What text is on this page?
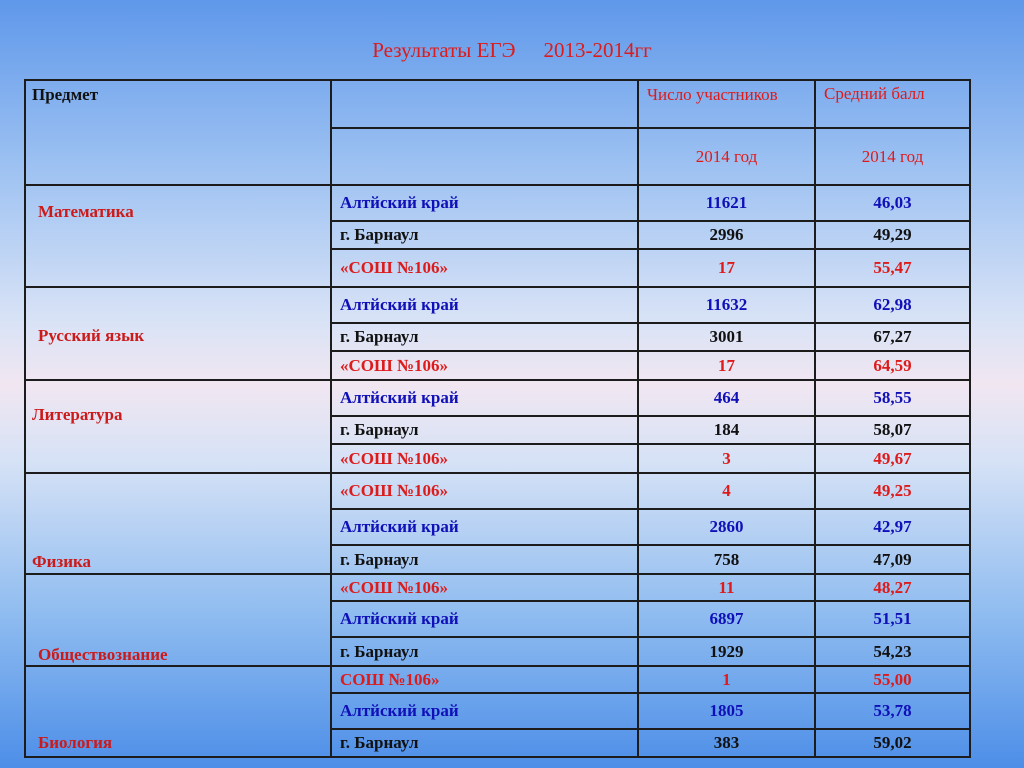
Результаты ЕГЭ 2013-2014гг
Предмет		Число участников	Средний балл
		2014 год	2014 год

Математика	Алтйский край	11621	46,03
	г. Барнаул	2996	49,29
	«СОШ №106»	17	55,47

Русский язык	Алтйский край	11632	62,98
	г. Барнаул	3001	67,27
	«СОШ №106»	17	64,59

Литература	Алтйский край	464	58,55
	г. Барнаул	184	58,07
	«СОШ №106»	3	49,67

Физика	«СОШ №106»	4	49,25
	Алтйский край	2860	42,97
	г. Барнаул	758	47,09

Обществознание	«СОШ №106»	11	48,27
	Алтйский край	6897	51,51
	г. Барнаул	1929	54,23

Биология	СОШ №106»	1	55,00
	Алтйский край	1805	53,78
	г. Барнаул	383	59,02
